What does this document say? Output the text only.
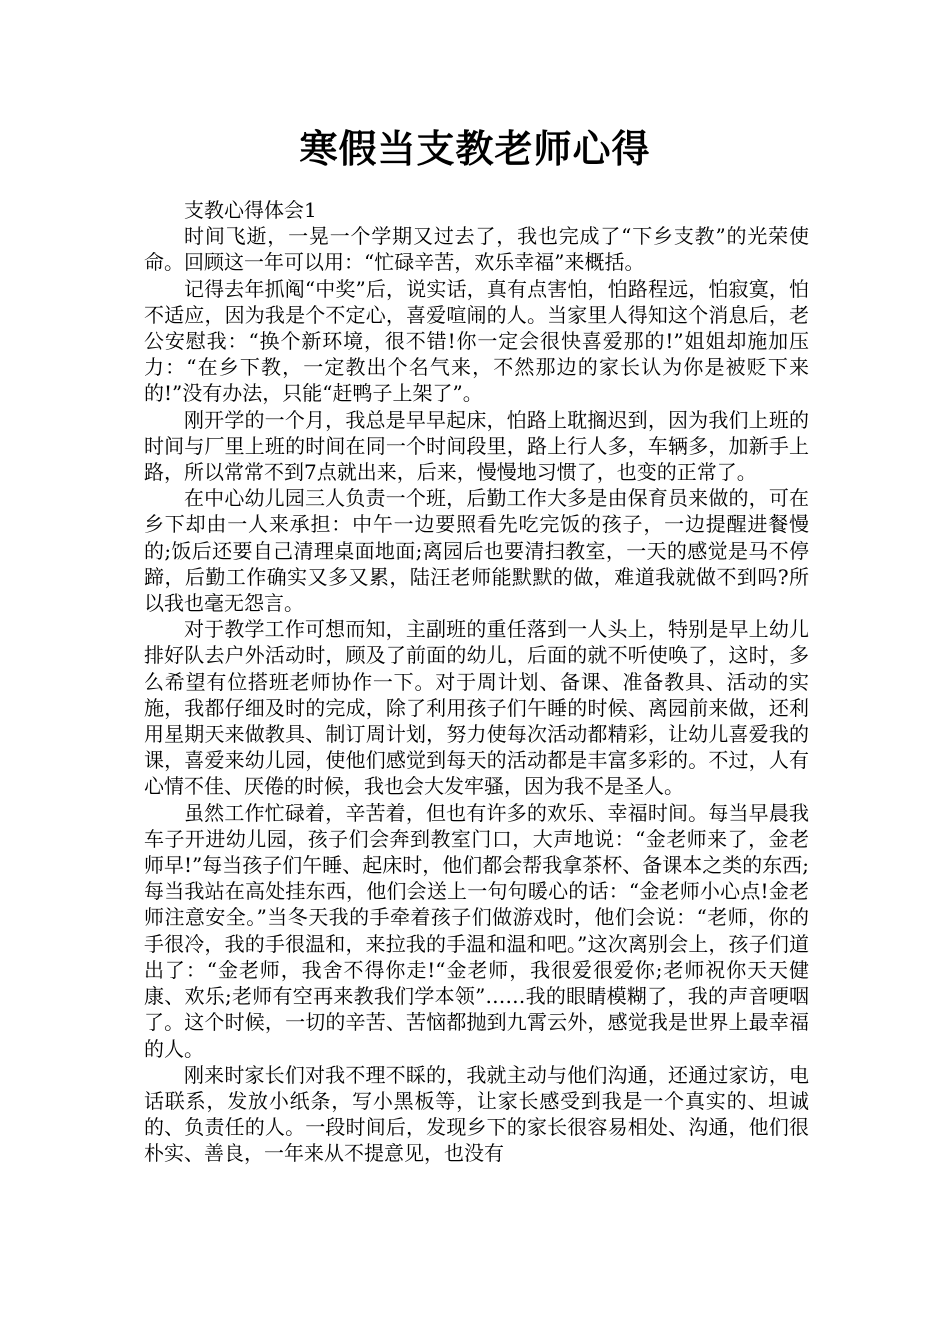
寒假当支教老师心得

支教心得体会1

时间飞逝，一晃一个学期又过去了，我也完成了“下乡支教”的光荣使命。回顾这一年可以用：“忙碌辛苦，欢乐幸福”来概括。

记得去年抓阄“中奖”后，说实话，真有点害怕，怕路程远，怕寂寞，怕不适应，因为我是个不定心，喜爱喧闹的人。当家里人得知这个消息后，老公安慰我：“换个新环境，很不错!你一定会很快喜爱那的!”姐姐却施加压力：“在乡下教，一定教出个名气来，不然那边的家长认为你是被贬下来的!”没有办法，只能“赶鸭子上架了”。

刚开学的一个月，我总是早早起床，怕路上耽搁迟到，因为我们上班的时间与厂里上班的时间在同一个时间段里，路上行人多，车辆多，加新手上路，所以常常不到7点就出来，后来，慢慢地习惯了，也变的正常了。

在中心幼儿园三人负责一个班，后勤工作大多是由保育员来做的，可在乡下却由一人来承担：中午一边要照看先吃完饭的孩子，一边提醒进餐慢的;饭后还要自己清理桌面地面;离园后也要清扫教室，一天的感觉是马不停蹄，后勤工作确实又多又累，陆汪老师能默默的做，难道我就做不到吗?所以我也毫无怨言。

对于教学工作可想而知，主副班的重任落到一人头上，特别是早上幼儿排好队去户外活动时，顾及了前面的幼儿，后面的就不听使唤了，这时，多么希望有位搭班老师协作一下。对于周计划、备课、准备教具、活动的实施，我都仔细及时的完成，除了利用孩子们午睡的时候、离园前来做，还利用星期天来做教具、制订周计划，努力使每次活动都精彩，让幼儿喜爱我的课，喜爱来幼儿园，使他们感觉到每天的活动都是丰富多彩的。不过，人有心情不佳、厌倦的时候，我也会大发牢骚，因为我不是圣人。

虽然工作忙碌着，辛苦着，但也有许多的欢乐、幸福时间。每当早晨我车子开进幼儿园，孩子们会奔到教室门口，大声地说：“金老师来了，金老师早!”每当孩子们午睡、起床时，他们都会帮我拿茶杯、备课本之类的东西;每当我站在高处挂东西，他们会送上一句句暖心的话：“金老师小心点!金老师注意安全。”当冬天我的手牵着孩子们做游戏时，他们会说：“老师，你的手很冷，我的手很温和，来拉我的手温和温和吧。”这次离别会上，孩子们道出了：“金老师，我舍不得你走!“金老师，我很爱很爱你;老师祝你天天健康、欢乐;老师有空再来教我们学本领”……我的眼睛模糊了，我的声音哽咽了。这个时候，一切的辛苦、苦恼都抛到九霄云外，感觉我是世界上最幸福的人。

刚来时家长们对我不理不睬的，我就主动与他们沟通，还通过家访，电话联系，发放小纸条，写小黑板等，让家长感受到我是一个真实的、坦诚的、负责任的人。一段时间后，发现乡下的家长很容易相处、沟通，他们很朴实、善良，一年来从不提意见，也没有
